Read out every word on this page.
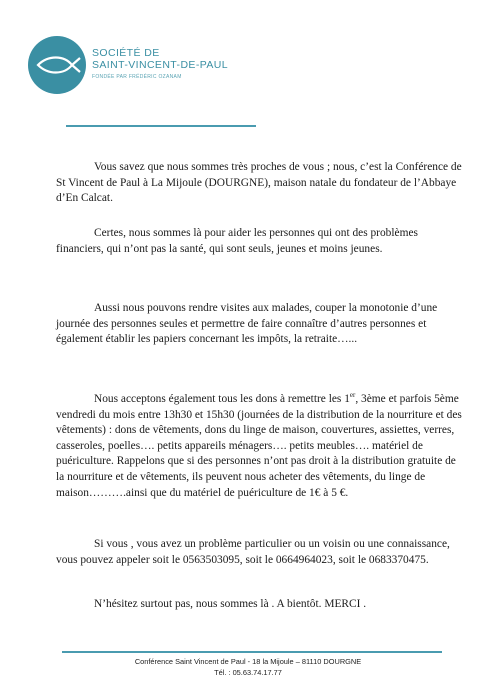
SOCIÉTÉ DE
SAINT-VINCENT-DE-PAUL
FONDÉE PAR FRÉDÉRIC OZANAM

Vous savez que nous sommes très proches de vous ; nous, c’est la Conférence de St Vincent de Paul à La Mijoule (DOURGNE), maison natale du fondateur de l’Abbaye d’En Calcat.

Certes, nous sommes là pour aider les personnes qui ont des problèmes financiers, qui n’ont pas la santé, qui sont seuls, jeunes et moins jeunes.

Aussi nous pouvons rendre visites aux malades, couper la monotonie d’une journée des personnes seules et permettre de faire connaître d’autres personnes et également établir les papiers concernant les impôts, la retraite…...

Nous acceptons également tous les dons à remettre les 1er, 3ème et parfois 5ème vendredi du mois entre 13h30 et 15h30 (journées de la distribution de la nourriture et des vêtements) : dons de vêtements, dons du linge de maison, couvertures, assiettes, verres, casseroles, poelles…. petits appareils ménagers…. petits meubles…. matériel de puériculture. Rappelons que si des personnes n’ont pas droit à la distribution gratuite de la nourriture et de vêtements, ils peuvent nous acheter des vêtements, du linge de maison……….ainsi que du matériel de puériculture de 1€ à 5 €.

Si vous , vous avez un problème particulier ou un voisin ou une connaissance, vous pouvez appeler soit le 0563503095, soit le 0664964023, soit le 0683370475.

N’hésitez surtout pas, nous sommes là . A bientôt. MERCI .

Conférence Saint Vincent de Paul - 18 la Mijoule – 81110 DOURGNE
Tél. : 05.63.74.17.77
